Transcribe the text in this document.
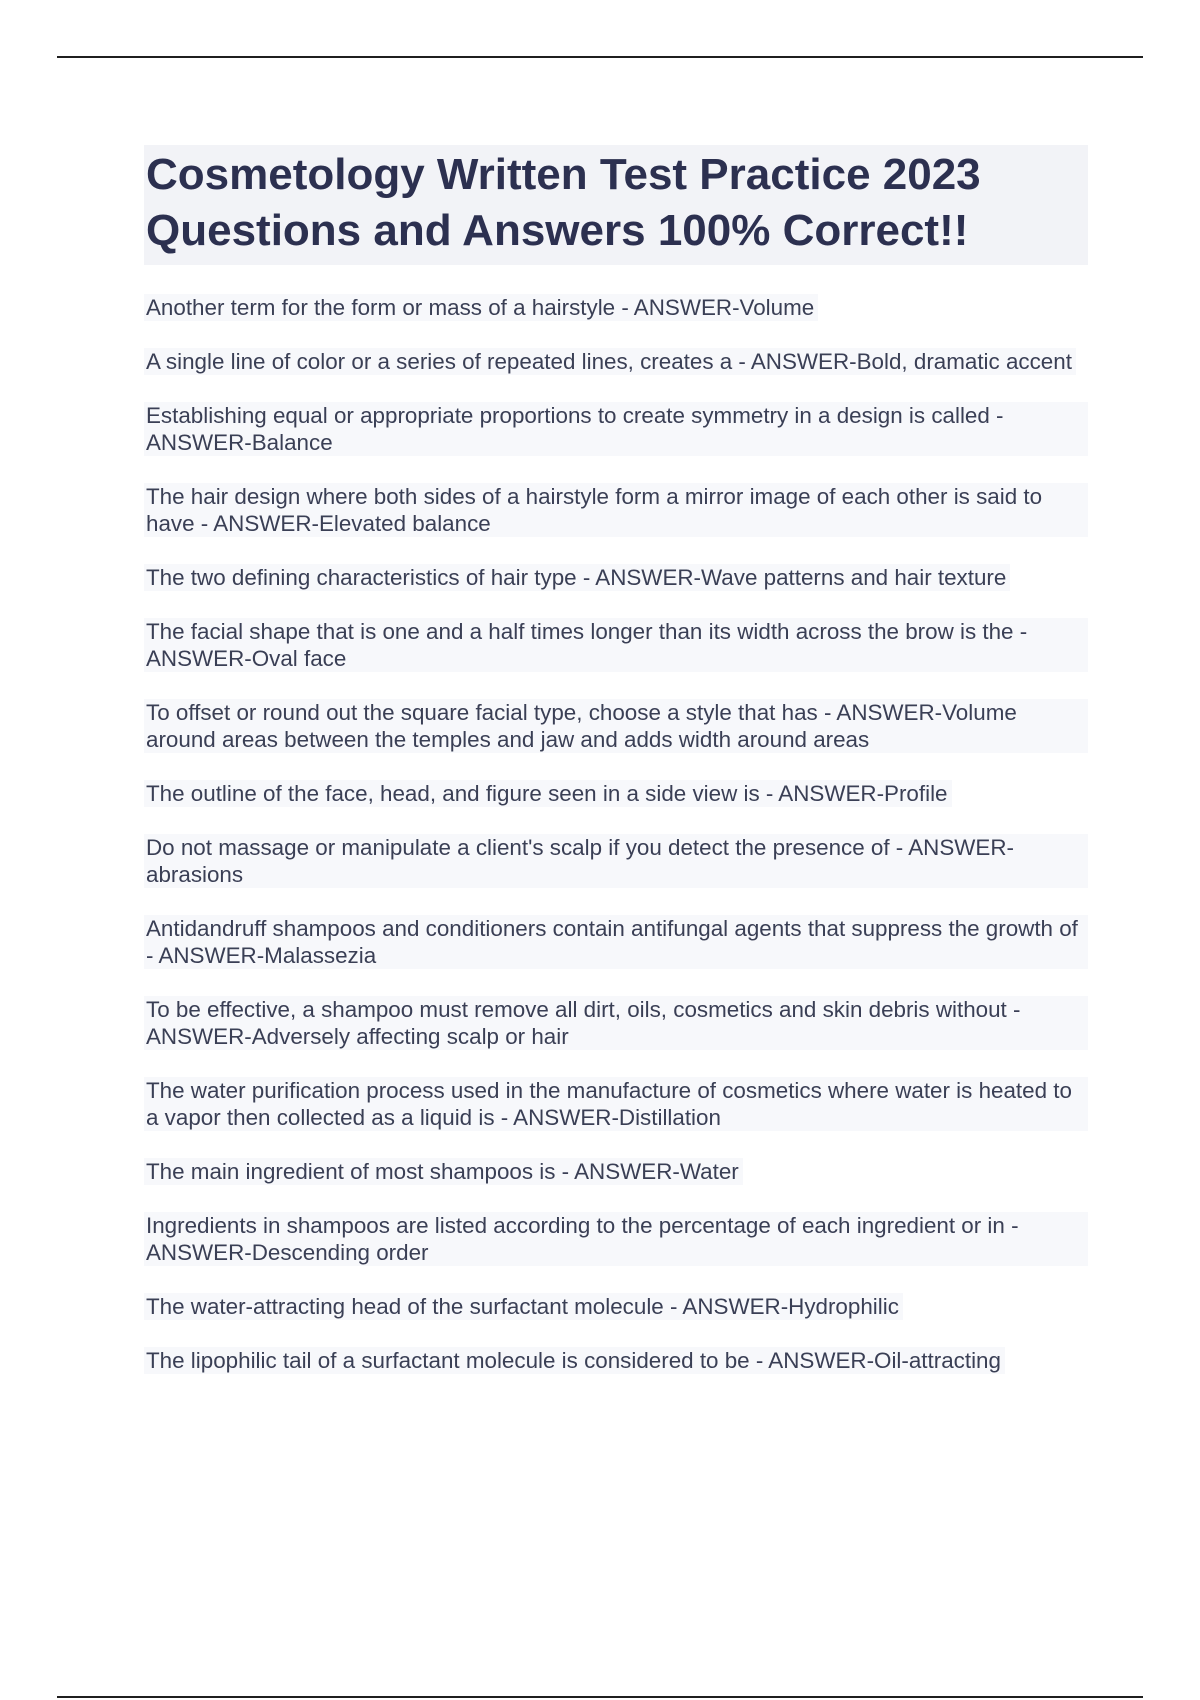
Cosmetology Written Test Practice 2023 Questions and Answers 100% Correct!!
Another term for the form or mass of a hairstyle - ANSWER-Volume
A single line of color or a series of repeated lines, creates a - ANSWER-Bold, dramatic accent
Establishing equal or appropriate proportions to create symmetry in a design is called - ANSWER-Balance
The hair design where both sides of a hairstyle form a mirror image of each other is said to have - ANSWER-Elevated balance
The two defining characteristics of hair type - ANSWER-Wave patterns and hair texture
The facial shape that is one and a half times longer than its width across the brow is the - ANSWER-Oval face
To offset or round out the square facial type, choose a style that has - ANSWER-Volume around areas between the temples and jaw and adds width around areas
The outline of the face, head, and figure seen in a side view is - ANSWER-Profile
Do not massage or manipulate a client's scalp if you detect the presence of - ANSWER-abrasions
Antidandruff shampoos and conditioners contain antifungal agents that suppress the growth of - ANSWER-Malassezia
To be effective, a shampoo must remove all dirt, oils, cosmetics and skin debris without - ANSWER-Adversely affecting scalp or hair
The water purification process used in the manufacture of cosmetics where water is heated to a vapor then collected as a liquid is - ANSWER-Distillation
The main ingredient of most shampoos is - ANSWER-Water
Ingredients in shampoos are listed according to the percentage of each ingredient or in - ANSWER-Descending order
The water-attracting head of the surfactant molecule - ANSWER-Hydrophilic
The lipophilic tail of a surfactant molecule is considered to be - ANSWER-Oil-attracting
